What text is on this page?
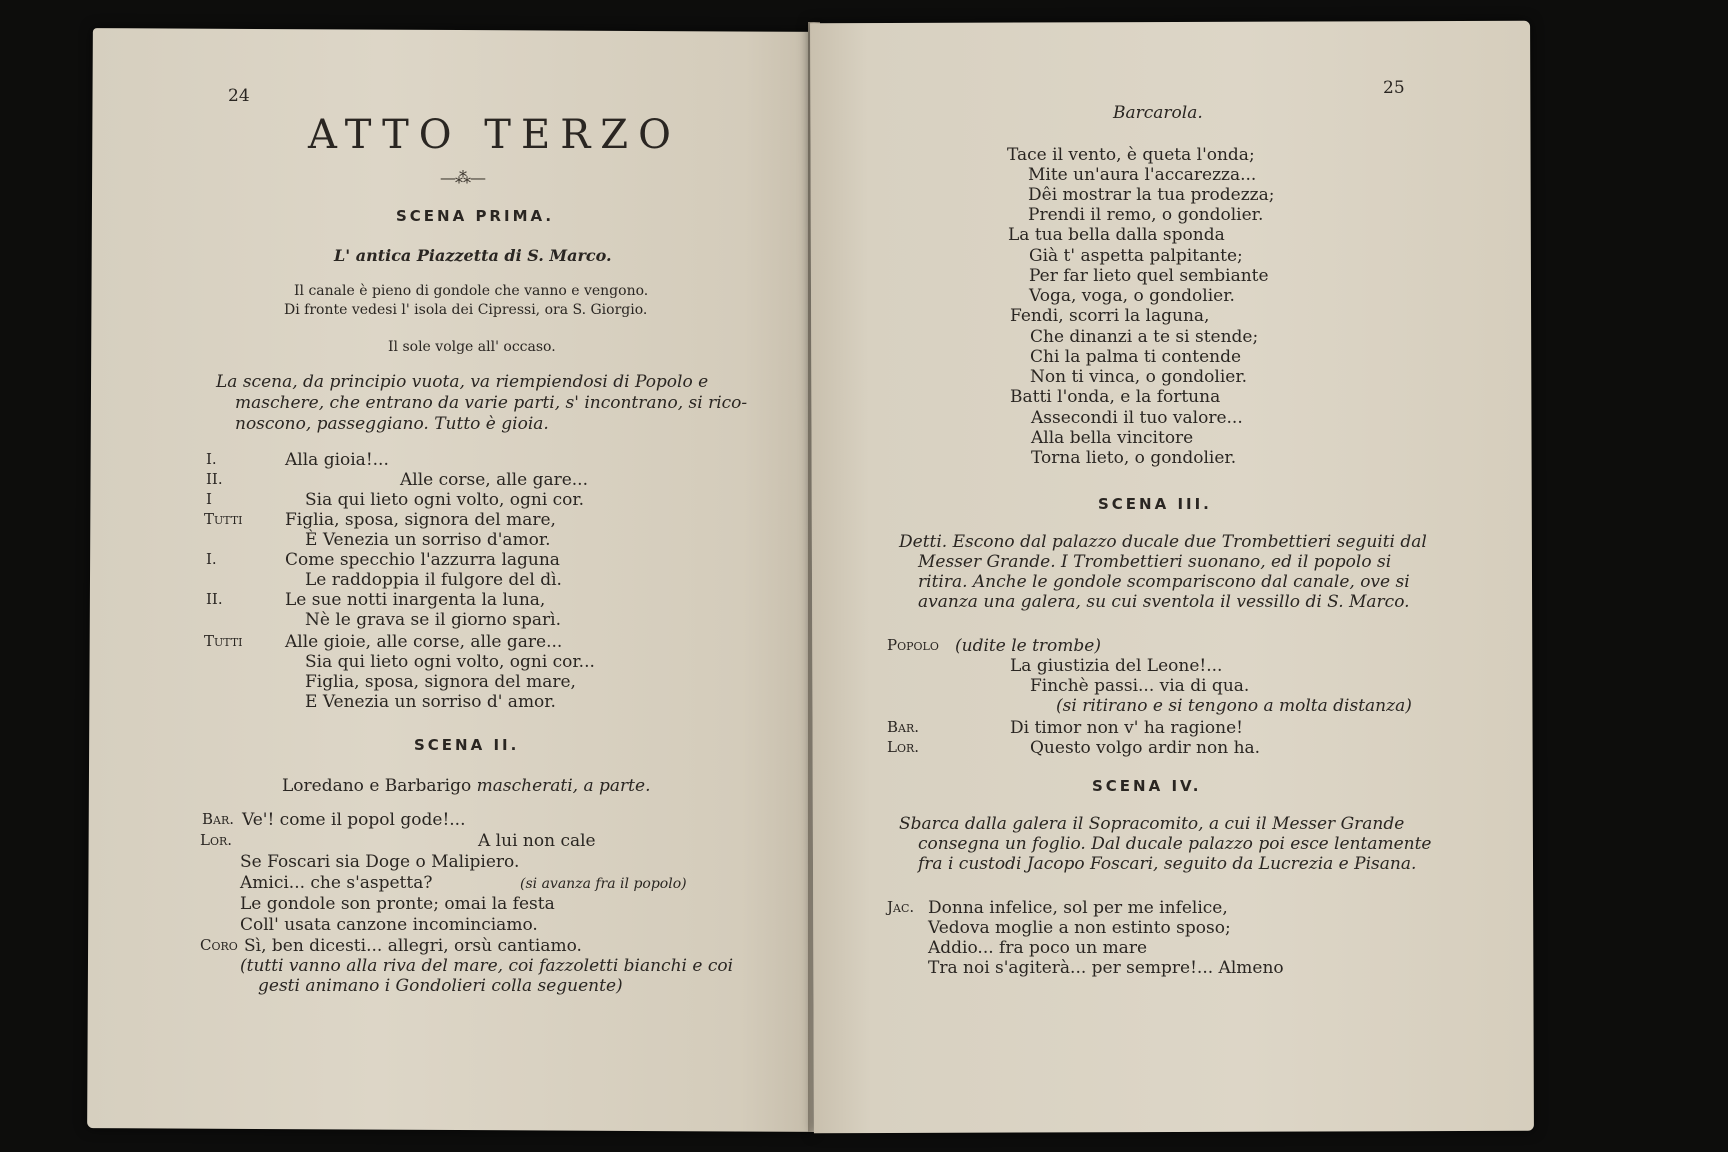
24
ATTO TERZO
—⁂—
SCENA PRIMA.
L' antica Piazzetta di S. Marco.
Il canale è pieno di gondole che vanno e vengono.
Di fronte vedesi l' isola dei Cipressi, ora S. Giorgio.
Il sole volge all' occaso.
La scena, da principio vuota, va riempiendosi di Popolo e
maschere, che entrano da varie parti, s' incontrano, si rico-
noscono, passeggiano. Tutto è gioia.
I.	Alla gioia!...
II.	Alle corse, alle gare...
I	Sia qui lieto ogni volto, ogni cor.
Tutti	Figlia, sposa, signora del mare,
È Venezia un sorriso d'amor.
I.	Come specchio l'azzurra laguna
Le raddoppia il fulgore del dì.
II.	Le sue notti inargenta la luna,
Nè le grava se il giorno sparì.
Tutti	Alle gioie, alle corse, alle gare...
Sia qui lieto ogni volto, ogni cor...
Figlia, sposa, signora del mare,
E Venezia un sorriso d' amor.
SCENA II.
Loredano e Barbarigo mascherati, a parte.
Bar. Ve'! come il popol gode!...
Lor.	A lui non cale
Se Foscari sia Doge o Malipiero.
Amici... che s'aspetta?	(si avanza fra il popolo)
Le gondole son pronte; omai la festa
Coll' usata canzone incominciamo.
Coro Sì, ben dicesti... allegri, orsù cantiamo.
(tutti vanno alla riva del mare, coi fazzoletti bianchi e coi
gesti animano i Gondolieri colla seguente)
25
Barcarola.
Tace il vento, è queta l'onda;
Mite un'aura l'accarezza...
Dêi mostrar la tua prodezza;
Prendi il remo, o gondolier.
La tua bella dalla sponda
Già t' aspetta palpitante;
Per far lieto quel sembiante
Voga, voga, o gondolier.
Fendi, scorri la laguna,
Che dinanzi a te si stende;
Chi la palma ti contende
Non ti vinca, o gondolier.
Batti l'onda, e la fortuna
Assecondi il tuo valore...
Alla bella vincitore
Torna lieto, o gondolier.
SCENA III.
Detti. Escono dal palazzo ducale due Trombettieri seguiti dal
Messer Grande. I Trombettieri suonano, ed il popolo si
ritira. Anche le gondole scompariscono dal canale, ove si
avanza una galera, su cui sventola il vessillo di S. Marco.
Popolo (udite le trombe)
La giustizia del Leone!...
Finchè passi... via di qua.
(si ritirano e si tengono a molta distanza)
Bar.	Di timor non v' ha ragione!
Lor.	Questo volgo ardir non ha.
SCENA IV.
Sbarca dalla galera il Sopracomito, a cui il Messer Grande
consegna un foglio. Dal ducale palazzo poi esce lentamente
fra i custodi Jacopo Foscari, seguito da Lucrezia e Pisana.
Jac. Donna infelice, sol per me infelice,
Vedova moglie a non estinto sposo;
Addio... fra poco un mare
Tra noi s'agiterà... per sempre!... Almeno
